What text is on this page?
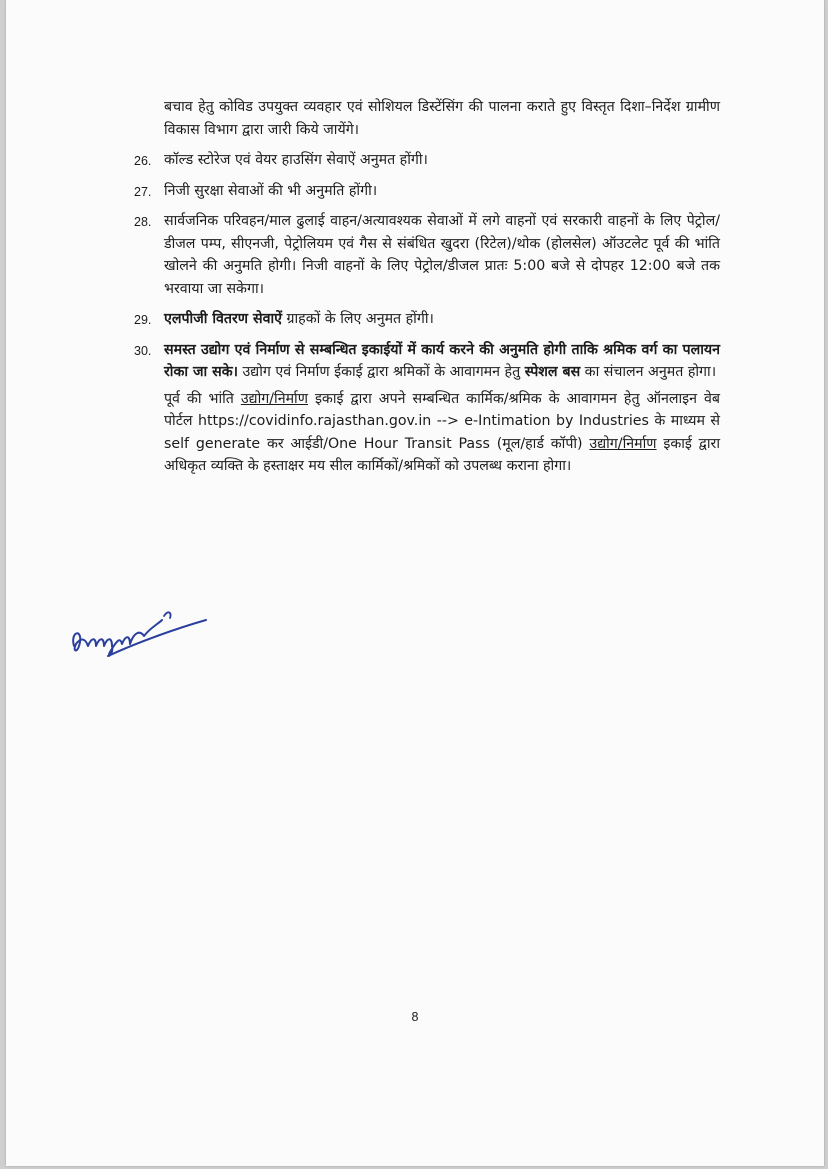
बचाव हेतु कोविड उपयुक्त व्यवहार एवं सोशियल डिस्टेंसिंग की पालना कराते हुए विस्तृत दिशा–निर्देश ग्रामीण विकास विभाग द्वारा जारी किये जायेंगे।

26. कॉल्ड स्टोरेज एवं वेयर हाउसिंग सेवाऐं अनुमत होंगी।
27. निजी सुरक्षा सेवाओं की भी अनुमति होंगी।
28. सार्वजनिक परिवहन/माल ढुलाई वाहन/अत्यावश्यक सेवाओं में लगे वाहनों एवं सरकारी वाहनों के लिए पेट्रोल/डीजल पम्प, सीएनजी, पेट्रोलियम एवं गैस से संबंधित खुदरा (रिटेल)/थोक (होलसेल) ऑउटलेट पूर्व की भांति खोलने की अनुमति होगी। निजी वाहनों के लिए पेट्रोल/डीजल प्रातः 5:00 बजे से दोपहर 12:00 बजे तक भरवाया जा सकेगा।
29. एलपीजी वितरण सेवाऐं ग्राहकों के लिए अनुमत होंगी।
30. समस्त उद्योग एवं निर्माण से सम्बन्धित इकाईयों में कार्य करने की अनुमति होगी ताकि श्रमिक वर्ग का पलायन रोका जा सके। उद्योग एवं निर्माण ईकाई द्वारा श्रमिकों के आवागमन हेतु स्पेशल बस का संचालन अनुमत होगा।
पूर्व की भांति उद्योग/निर्माण इकाई द्वारा अपने सम्बन्धित कार्मिक/श्रमिक के आवागमन हेतु ऑनलाइन वेब पोर्टल https://covidinfo.rajasthan.gov.in --> e-Intimation by Industries के माध्यम से self generate कर आईडी/One Hour Transit Pass (मूल/हार्ड कॉपी) उद्योग/निर्माण इकाई द्वारा अधिकृत व्यक्ति के हस्ताक्षर मय सील कार्मिकों/श्रमिकों को उपलब्ध कराना होगा।
8
